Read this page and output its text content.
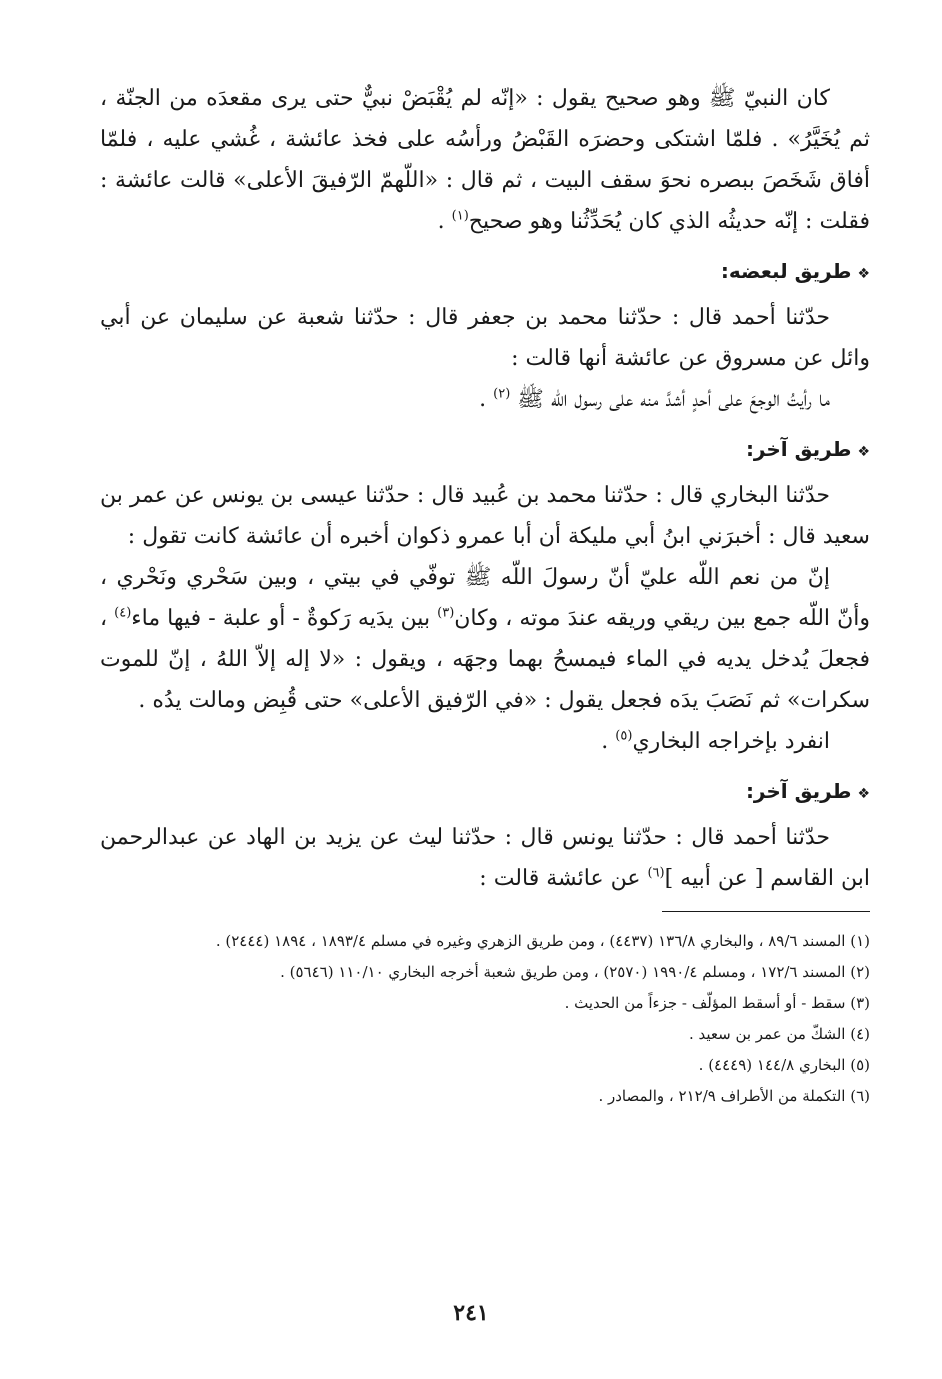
كان النبيّ ﷺ وهو صحيح يقول : «إنّه لم يُقْبَضْ نبيٌّ حتى يرى مقعدَه من الجنّة ، ثم يُخَيَّرُ» . فلمّا اشتكى وحضرَه القَبْضُ ورأسُه على فخذ عائشة ، غُشي عليه ، فلمّا أفاق شَخَصَ ببصره نحوَ سقف البيت ، ثم قال : «اللّهمّ الرّفيقَ الأعلى» قالت عائشة : فقلت : إنّه حديثُه الذي كان يُحَدِّثُنا وهو صحيح$^{(١)}$ .

❖طريق لبعضه:

حدّثنا أحمد قال : حدّثنا محمد بن جعفر قال : حدّثنا شعبة عن سليمان عن أبي وائل عن مسروق عن عائشة أنها قالت :

ما رأيتُ الوجعَ على أحدٍ أشدَّ منه على رسول اللّه ﷺ $^{(٢)}$ .

❖طريق آخر:

حدّثنا البخاري قال : حدّثنا محمد بن عُبيد قال : حدّثنا عيسى بن يونس عن عمر بن سعيد قال : أخبرَني ابنُ أبي مليكة أن أبا عمرو ذكوان أخبره أن عائشة كانت تقول :

إنّ من نعم اللّه عليّ أنّ رسولَ اللّه ﷺ توفّي في بيتي ، وبين سَحْري ونَحْري ، وأنّ اللّه جمع بين ريقي وريقه عندَ موته ، وكان$^{(٣)}$ بين يدَيه رَكوةٌ - أو علبة - فيها ماء$^{(٤)}$ ، فجعلَ يُدخل يديه في الماء فيمسحُ بهما وجهَه ، ويقول : «لا إله إلاّ اللهُ ، إنّ للموت سكرات» ثم نَصَبَ يدَه فجعل يقول : «في الرّفيق الأعلى» حتى قُبِض ومالت يدُه .

انفرد بإخراجه البخاري$^{(٥)}$ .

❖طريق آخر:

حدّثنا أحمد قال : حدّثنا يونس قال : حدّثنا ليث عن يزيد بن الهاد عن عبدالرحمن ابن القاسم [ عن أبيه ]$^{(٦)}$ عن عائشة قالت :

(١) المسند ٨٩/٦ ، والبخاري ١٣٦/٨ (٤٤٣٧) ، ومن طريق الزهري وغيره في مسلم ١٨٩٣/٤ ، ١٨٩٤ (٢٤٤٤) .

(٢) المسند ١٧٢/٦ ، ومسلم ١٩٩٠/٤ (٢٥٧٠) ، ومن طريق شعبة أخرجه البخاري ١١٠/١٠ (٥٦٤٦) .

(٣) سقط - أو أسقط المؤلّف - جزءاً من الحديث .

(٤) الشكّ من عمر بن سعيد .

(٥) البخاري ١٤٤/٨ (٤٤٤٩) .

(٦) التكملة من الأطراف ٢١٢/٩ ، والمصادر .

٢٤١
